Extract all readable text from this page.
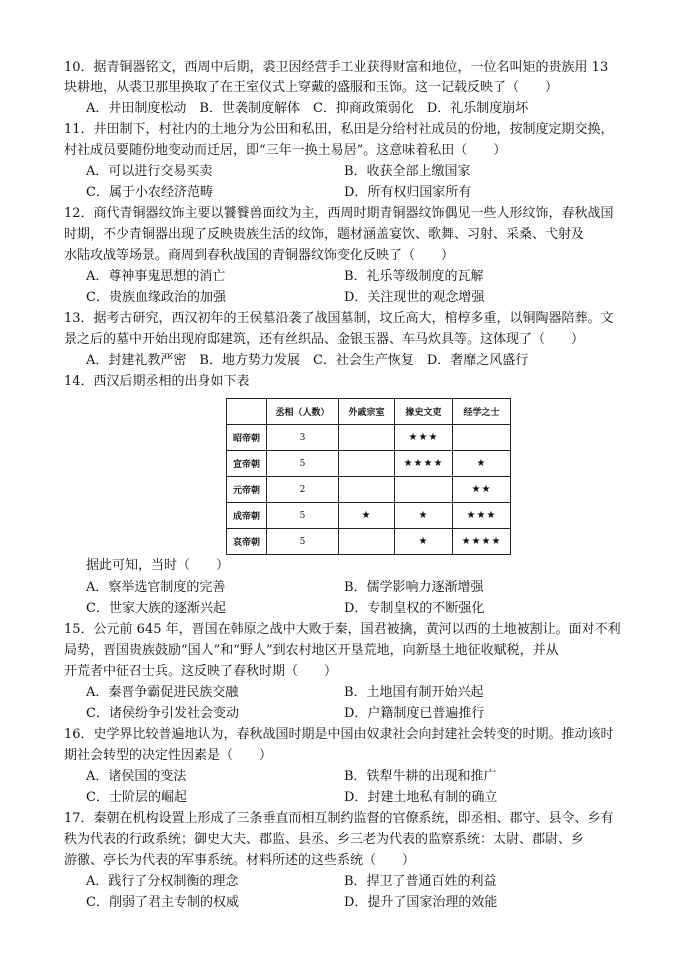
10．据青铜器铭文，西周中后期，裘卫因经营手工业获得财富和地位，一位名叫矩的贵族用 13
块耕地，从裘卫那里换取了在王室仪式上穿戴的盛服和玉饰。这一记载反映了（　　）
A．井田制度松动　B．世袭制度解体　C．抑商政策弱化　D．礼乐制度崩坏
11．井田制下，村社内的土地分为公田和私田，私田是分给村社成员的份地，按制度定期交换，
村社成员要随份地变动而迁居，即“三年一换土易居”。这意味着私田（　　）
A．可以进行交易买卖	B．收获全部上缴国家
C．属于小农经济范畴	D．所有权归国家所有
12．商代青铜器纹饰主要以饕餮兽面纹为主，西周时期青铜器纹饰偶见一些人形纹饰，春秋战国
时期，不少青铜器出现了反映贵族生活的纹饰，题材涵盖宴饮、歌舞、习射、采桑、弋射及
水陆攻战等场景。商周到春秋战国的青铜器纹饰变化反映了（　　）
A．尊神事鬼思想的消亡	B．礼乐等级制度的瓦解
C．贵族血缘政治的加强	D．关注现世的观念增强
13．据考古研究，西汉初年的王侯墓沿袭了战国墓制，坟丘高大，棺椁多重，以铜陶器陪葬。文
景之后的墓中开始出现府邸建筑，还有丝织品、金银玉器、车马炊具等。这体现了（　　）
A．封建礼教严密　B．地方势力发展　C．社会生产恢复　D．奢靡之风盛行
14．西汉后期丞相的出身如下表
	丞相（人数）	外戚宗室	掾史文吏	经学之士
昭帝朝	3		★★★	
宣帝朝	5		★★★★	★
元帝朝	2			★★
成帝朝	5	★	★	★★★
哀帝朝	5		★	★★★★
据此可知，当时（　　）
A．察举选官制度的完善	B．儒学影响力逐渐增强
C．世家大族的逐渐兴起	D．专制皇权的不断强化
15．公元前 645 年，晋国在韩原之战中大败于秦，国君被擒，黄河以西的土地被割让。面对不利
局势，晋国贵族鼓励“国人”和“野人”到农村地区开垦荒地，向新垦土地征收赋税，并从
开荒者中征召士兵。这反映了春秋时期（　　）
A．秦晋争霸促进民族交融	B．土地国有制开始兴起
C．诸侯纷争引发社会变动	D．户籍制度已普遍推行
16．史学界比较普遍地认为，春秋战国时期是中国由奴隶社会向封建社会转变的时期。推动该时
期社会转型的决定性因素是（　　）
A．诸侯国的变法	B．铁犁牛耕的出现和推广
C．士阶层的崛起	D．封建土地私有制的确立
17．秦朝在机构设置上形成了三条垂直而相互制约监督的官僚系统，即丞相、郡守、县令、乡有
秩为代表的行政系统；御史大夫、郡监、县丞、乡三老为代表的监察系统：太尉、郡尉、乡
游徼、亭长为代表的军事系统。材料所述的这些系统（　　）
A．践行了分权制衡的理念	B．捍卫了普通百姓的利益
C．削弱了君主专制的权威	D．提升了国家治理的效能
